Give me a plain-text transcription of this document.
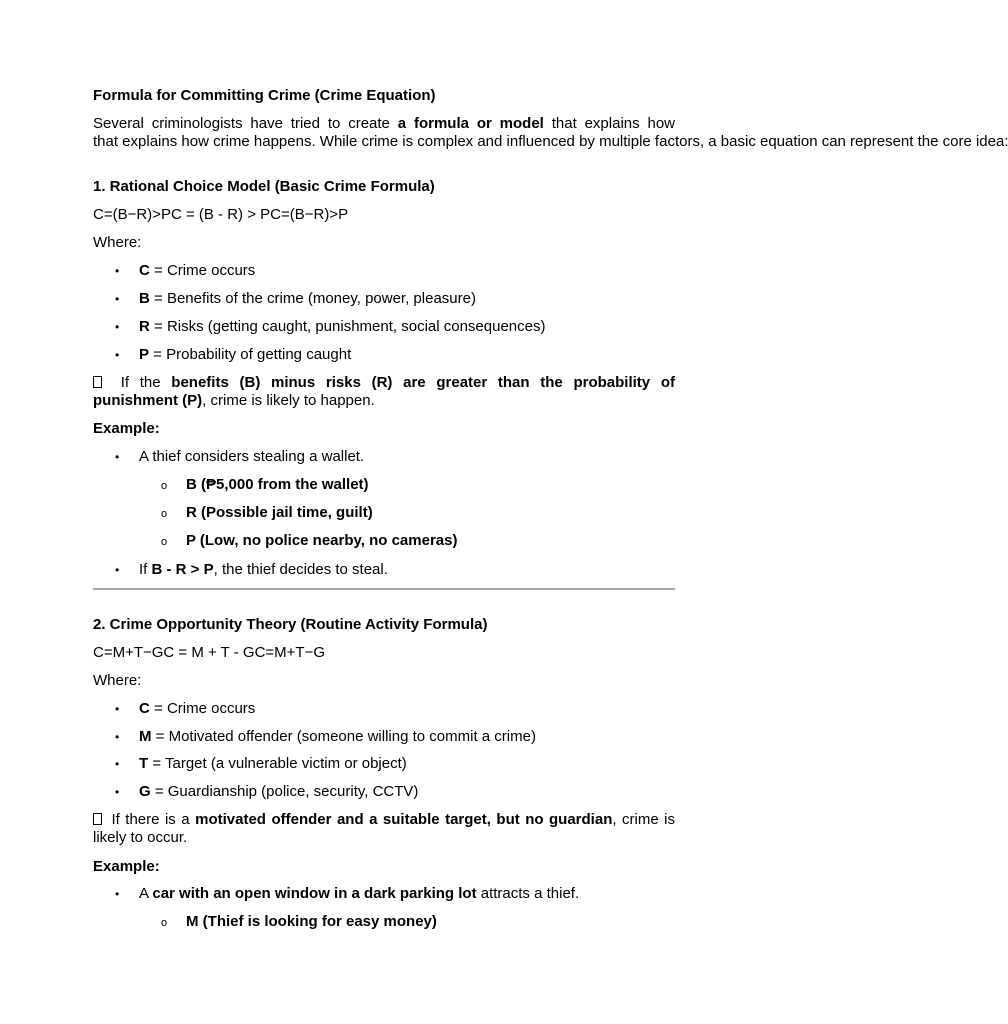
Formula for Committing Crime (Crime Equation)
Several criminologists have tried to create a formula or model that explains how
that explains how crime happens. While crime is complex and influenced by multiple factors, a basic equation can represent the core idea:
1. Rational Choice Model (Basic Crime Formula)
C=(B−R)>PC = (B - R) > PC=(B−R)>P
Where:
• C = Crime occurs
• B = Benefits of the crime (money, power, pleasure)
• R = Risks (getting caught, punishment, social consequences)
• P = Probability of getting caught
If the benefits (B) minus risks (R) are greater than the probability of
punishment (P), crime is likely to happen.
Example:
• A thief considers stealing a wallet.
o B (₱5,000 from the wallet)
o R (Possible jail time, guilt)
o P (Low, no police nearby, no cameras)
• If B - R > P, the thief decides to steal.
2. Crime Opportunity Theory (Routine Activity Formula)
C=M+T−GC = M + T - GC=M+T−G
Where:
• C = Crime occurs
• M = Motivated offender (someone willing to commit a crime)
• T = Target (a vulnerable victim or object)
• G = Guardianship (police, security, CCTV)
If there is a motivated offender and a suitable target, but no guardian, crime is
likely to occur.
Example:
• A car with an open window in a dark parking lot attracts a thief.
o M (Thief is looking for easy money)
